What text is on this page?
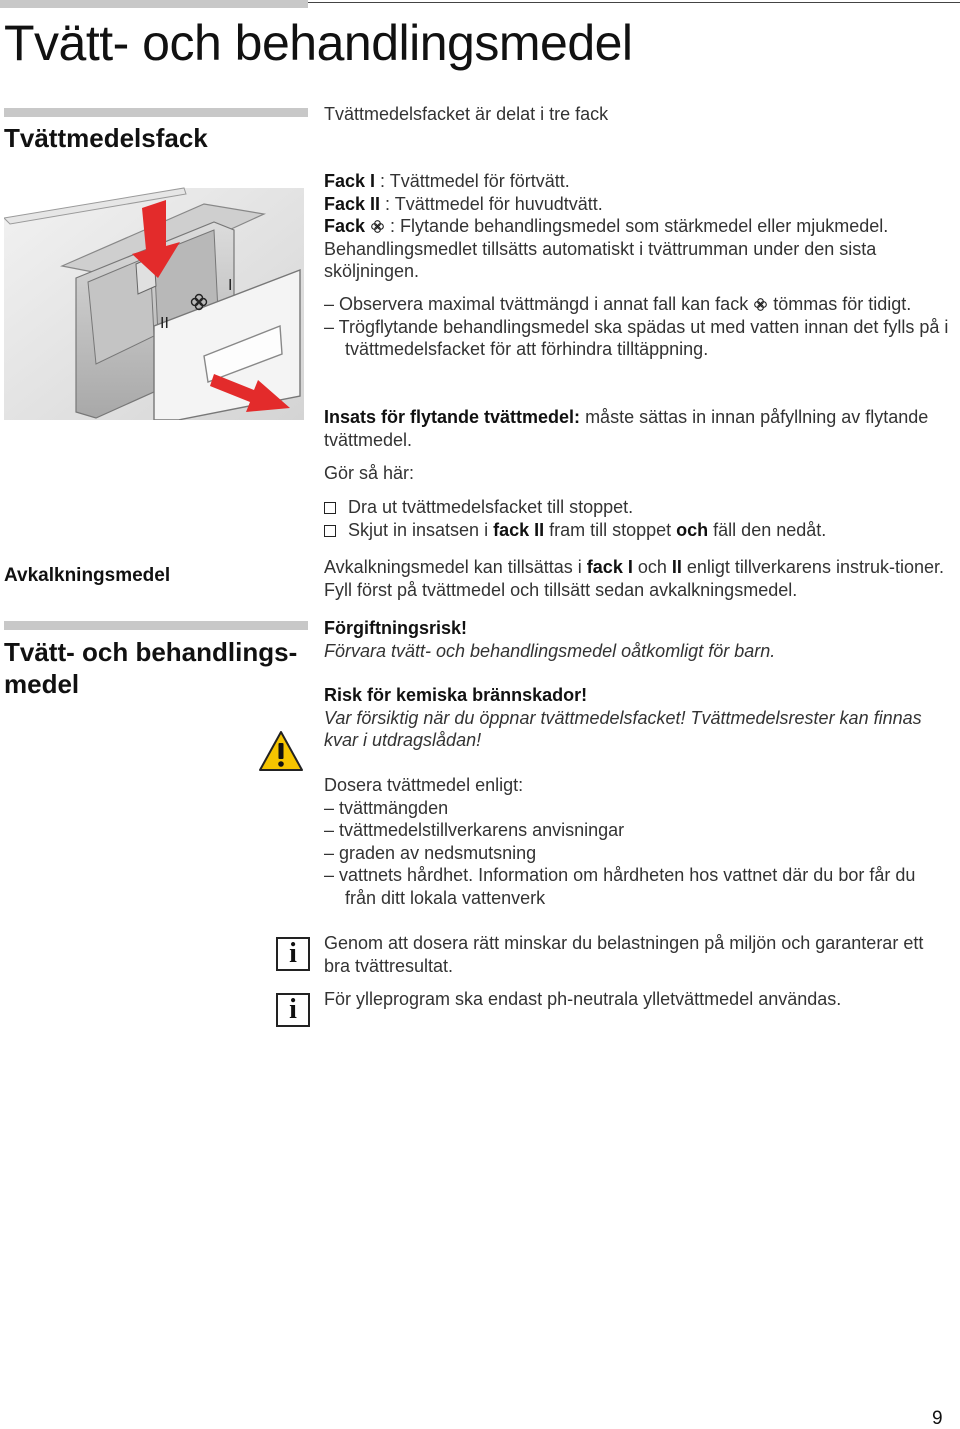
Tvätt- och behandlingsmedel
Tvättmedelsfack
I
II

Tvättmedelsfacket är delat i tre fack

Fack I : Tvättmedel för förtvätt.

Fack II : Tvättmedel för huvudtvätt.

Fack  : Flytande behandlingsmedel som stärkmedel eller mjukmedel. Behandlingsmedlet tillsätts automatiskt i tvättrumman under den sista sköljningen.

– Observera maximal tvättmängd i annat fall kan fack  tömmas för tidigt.

– Trögflytande behandlingsmedel ska spädas ut med vatten innan det fylls på i tvättmedelsfacket för att förhindra tilltäppning.

Insats för flytande tvättmedel: måste sättas in innan påfyllning av flytande tvättmedel.

Gör så här:

Dra ut tvättmedelsfacket till stoppet.

Skjut in insatsen i fack II fram till stoppet och fäll den nedåt.

Avkalkningsmedel	Avkalkningsmedel kan tillsättas i fack I och II enligt tillverkarens instruk-tioner. Fyll först på tvättmedel och tillsätt sedan avkalkningsmedel.

Tvätt- och behandlings-
medel

Förgiftningsrisk!

Förvara tvätt- och behandlingsmedel oåtkomligt för barn.

Risk för kemiska brännskador!

Var försiktig när du öppnar tvättmedelsfacket! Tvättmedelsrester kan finnas kvar i utdragslådan!

Dosera tvättmedel enligt:

– tvättmängden

– tvättmedelstillverkarens anvisningar

– graden av nedsmutsning

– vattnets hårdhet. Information om hårdheten hos vattnet där du bor får du från ditt lokala vattenverk

i	Genom att dosera rätt minskar du belastningen på miljön och garanterar ett bra tvättresultat.
i	För ylleprogram ska endast ph-neutrala ylletvättmedel användas.
9
